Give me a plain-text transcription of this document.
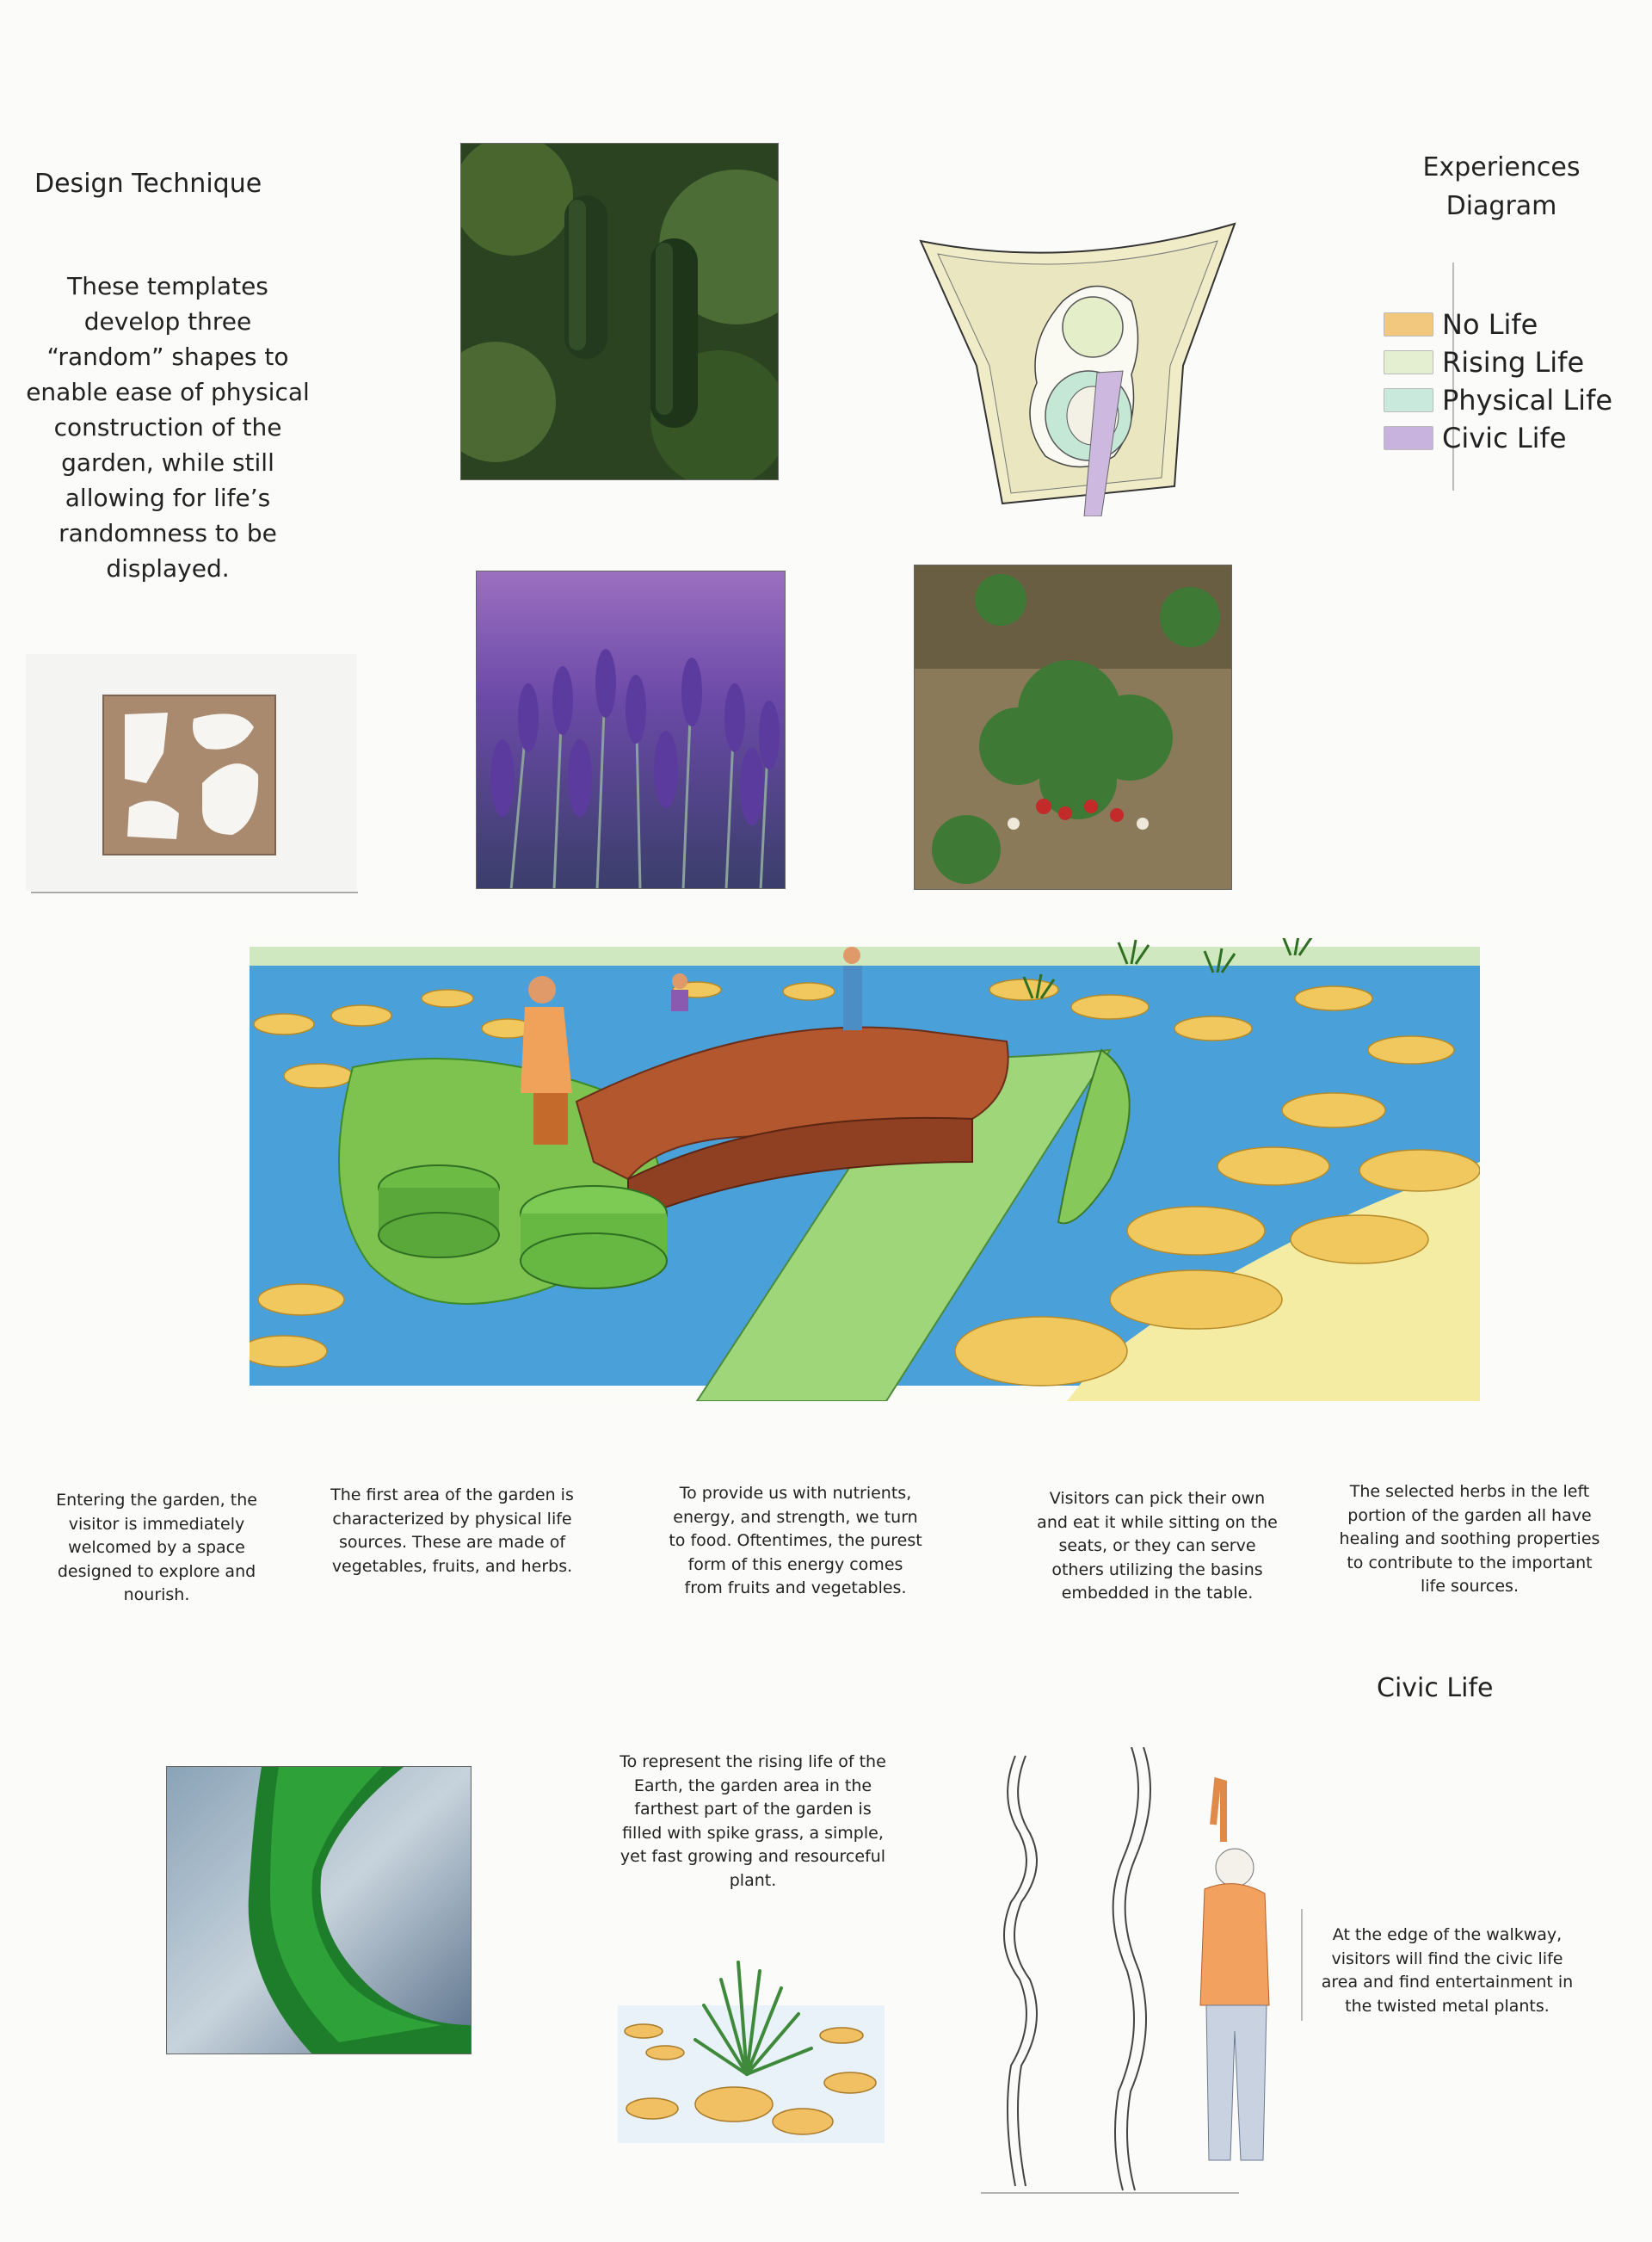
Design Technique
These templates develop three “random” shapes to enable ease of physical construction of the garden, while still allowing for life’s randomness to be displayed.
Experiences
Diagram
No Life
Rising Life
Physical Life
Civic Life
Entering the garden, the visitor is immediately welcomed by a space designed to explore and nourish.
The first area of the garden is characterized by physical life sources. These are made of vegetables, fruits, and herbs.
To provide us with nutrients, energy, and strength, we turn to food. Oftentimes, the purest form of this energy comes from fruits and vegetables.
Visitors can pick their own and eat it while sitting on the seats, or they can serve others utilizing the basins embedded in the table.
The selected herbs in the left portion of the garden all have healing and soothing properties to contribute to the important life sources.
Civic Life
To represent the rising life of the Earth, the garden area in the farthest part of the garden is filled with spike grass, a simple, yet fast growing and resourceful plant.
At the edge of the walkway, visitors will find the civic life area and find entertainment in the twisted metal plants.
